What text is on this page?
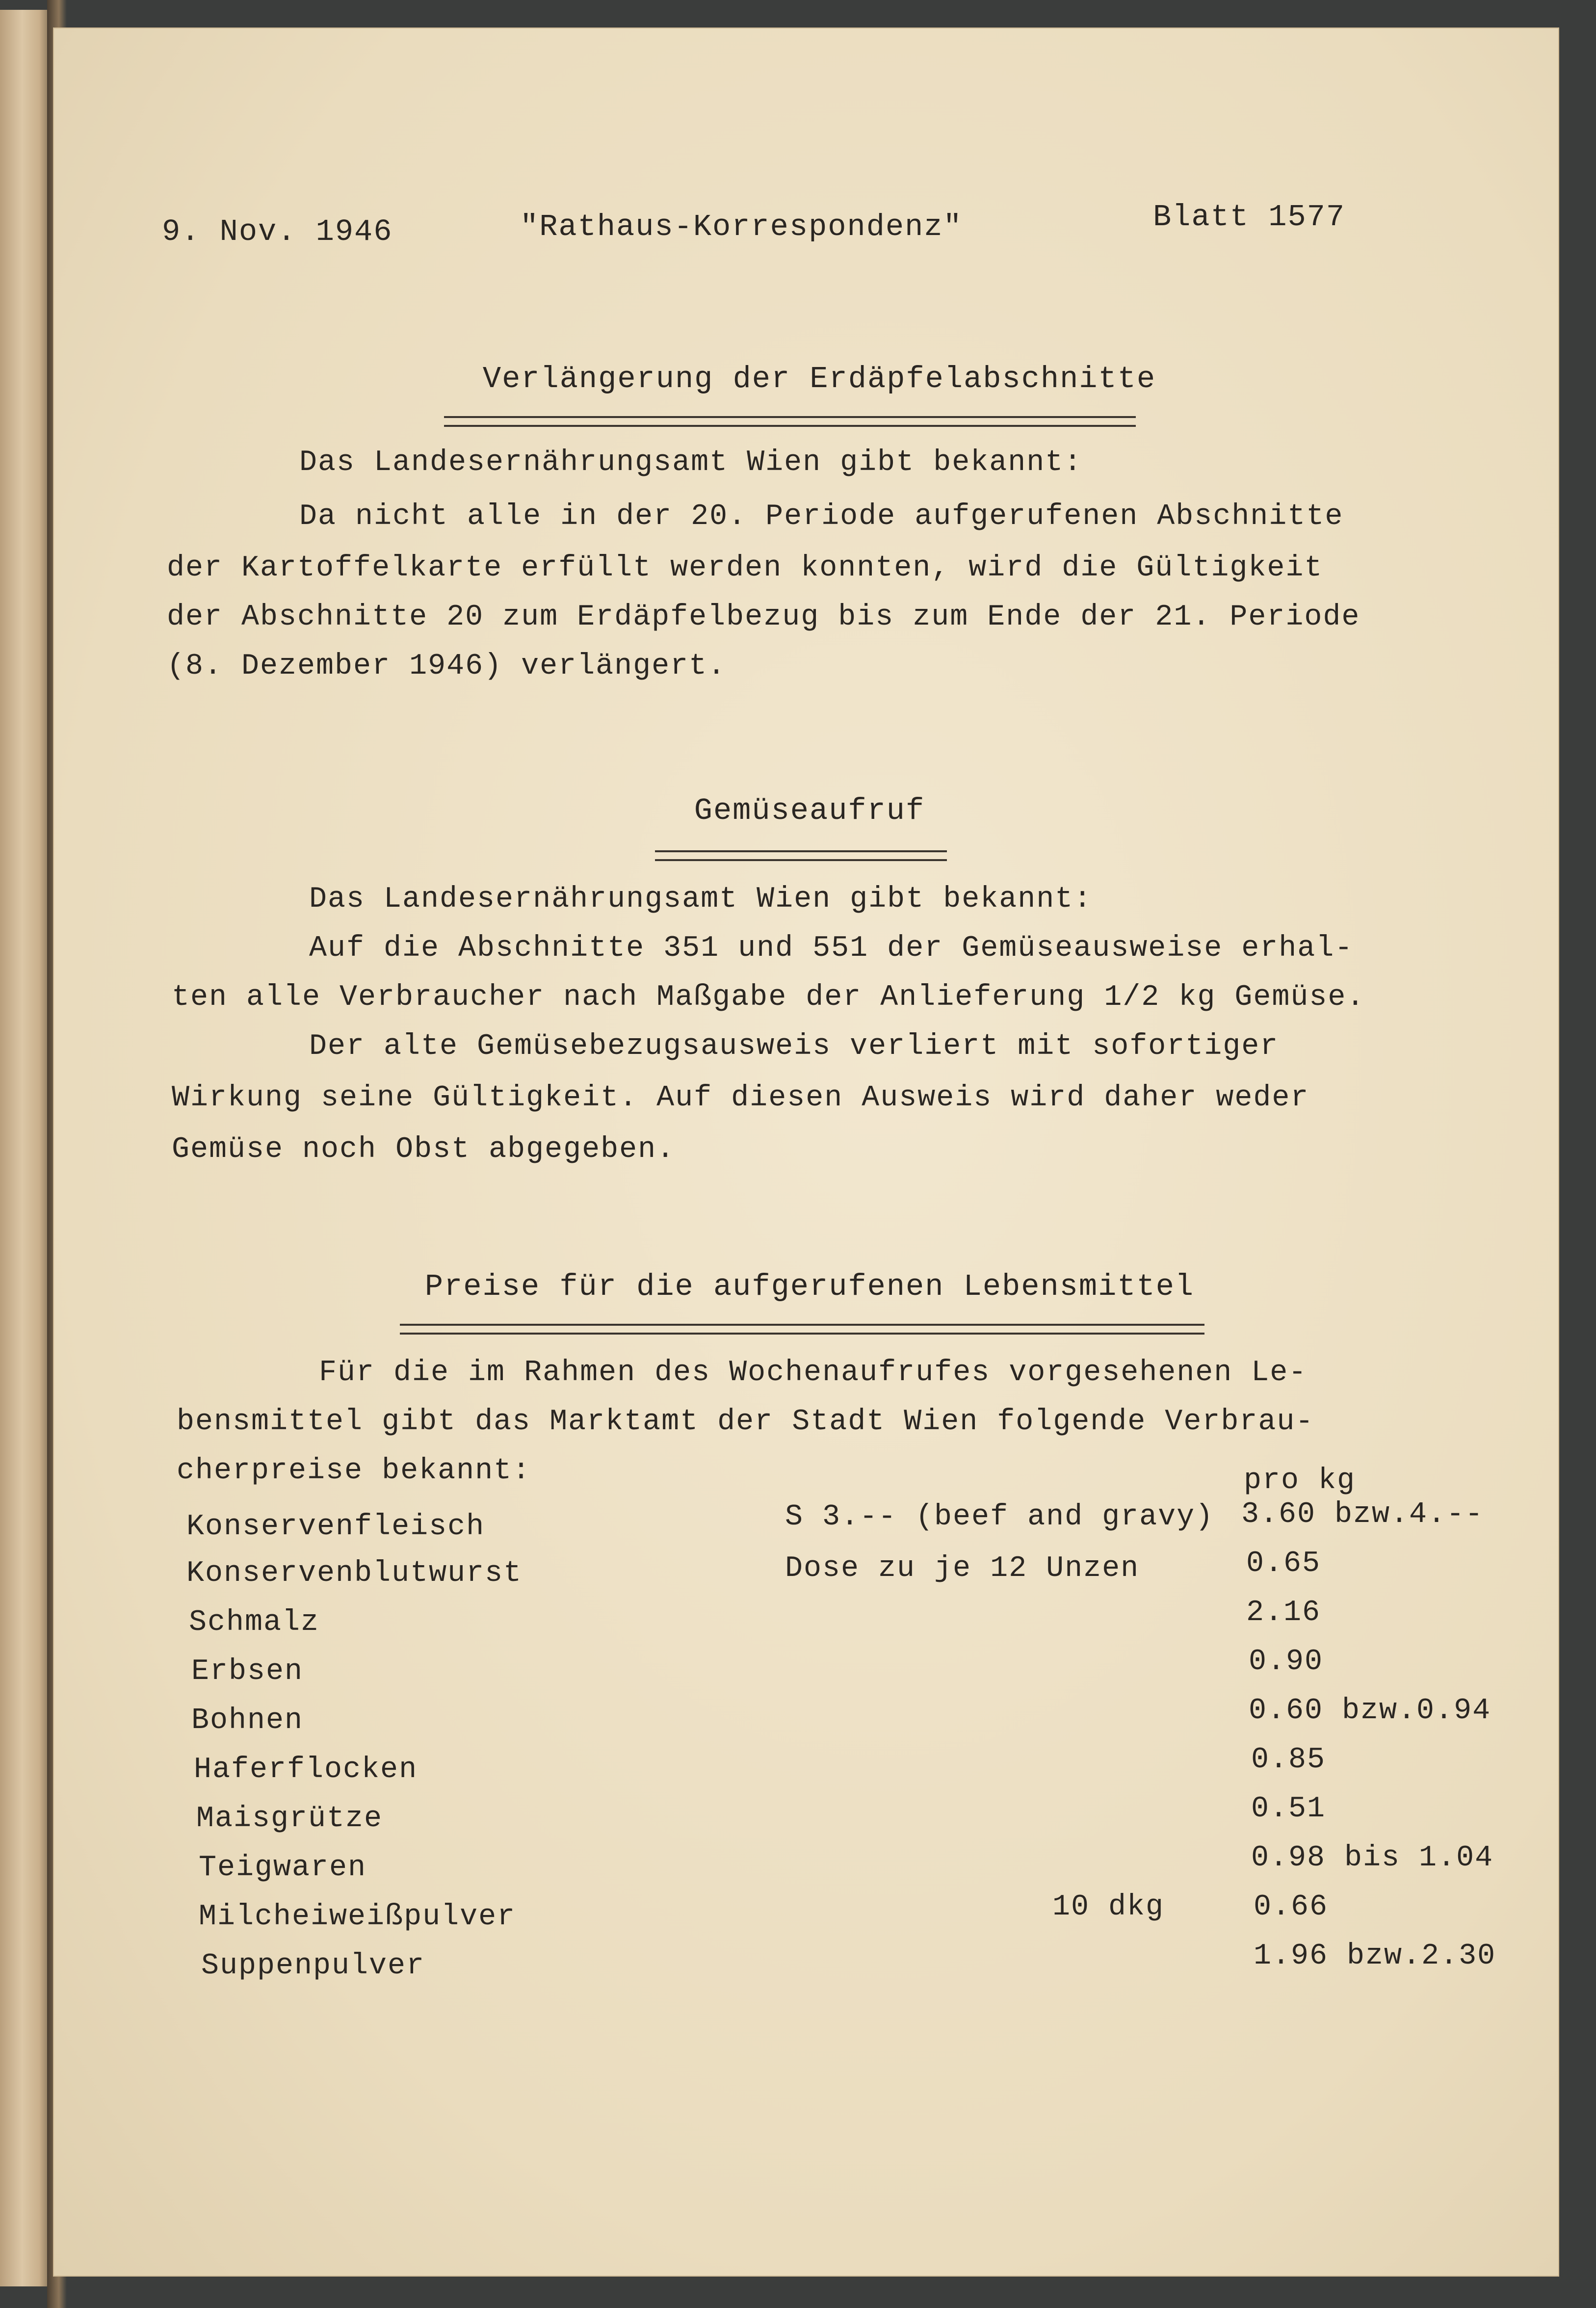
9. Nov. 1946	"Rathaus-Korrespondenz"	Blatt 1577
Verlängerung der Erdäpfelabschnitte
Das Landesernährungsamt Wien gibt bekannt:
Da nicht alle in der 20. Periode aufgerufenen Abschnitte
der Kartoffelkarte erfüllt werden konnten, wird die Gültigkeit
der Abschnitte 20 zum Erdäpfelbezug bis zum Ende der 21. Periode
(8. Dezember 1946) verlängert.
Gemüseaufruf
Das Landesernährungsamt Wien gibt bekannt:
Auf die Abschnitte 351 und 551 der Gemüseausweise erhal-
ten alle Verbraucher nach Maßgabe der Anlieferung 1/2 kg Gemüse.
Der alte Gemüsebezugsausweis verliert mit sofortiger
Wirkung seine Gültigkeit. Auf diesen Ausweis wird daher weder
Gemüse noch Obst abgegeben.
Preise für die aufgerufenen Lebensmittel
Für die im Rahmen des Wochenaufrufes vorgesehenen Le-
bensmittel gibt das Marktamt der Stadt Wien folgende Verbrau-
cherpreise bekannt:	pro kg
Konservenfleisch	S 3.-- (beef and gravy) 3.60 bzw.4.--
Konservenblutwurst	Dose zu je 12 Unzen	0.65
Schmalz	2.16
Erbsen	0.90
Bohnen	0.60 bzw.0.94
Haferflocken	0.85
Maisgrütze	0.51
Teigwaren	0.98 bis 1.04
Milcheiweißpulver	10 dkg	0.66
Suppenpulver	1.96 bzw.2.30
